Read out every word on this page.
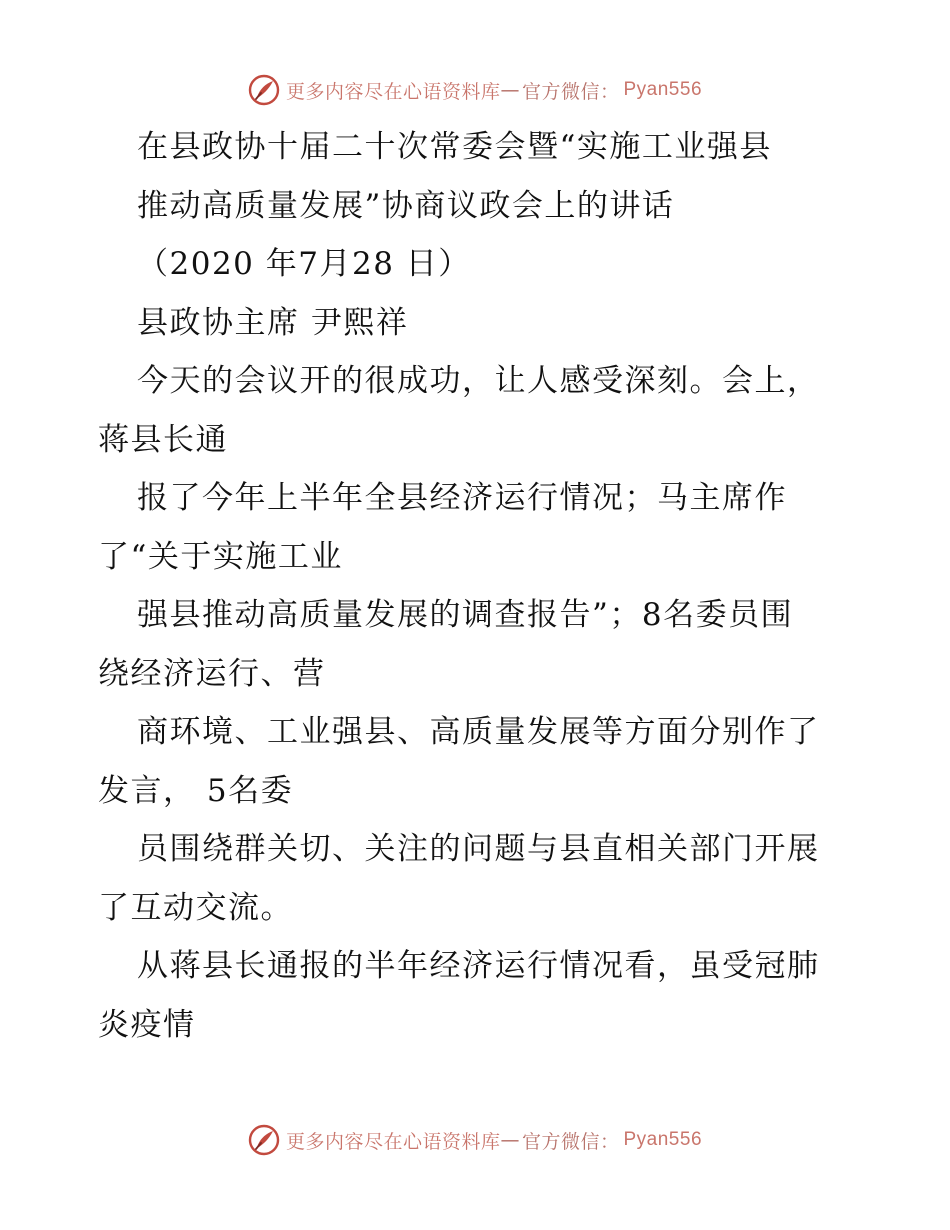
更多内容尽在心语资料库 — 官方微信： Pyan556
在县政协十届二十次常委会暨“实施工业强县
推动高质量发展”协商议政会上的讲话
（2020 年7月28 日）
县政协主席 尹熙祥
今天的会议开的很成功，让人感受深刻。会上，
蒋县长通
报了今年上半年全县经济运行情况；马主席作
了“关于实施工业
强县推动高质量发展的调查报告”；8名委员围
绕经济运行、营
商环境、工业强县、高质量发展等方面分别作了
发言， 5名委
员围绕群关切、关注的问题与县直相关部门开展
了互动交流。
从蒋县长通报的半年经济运行情况看，虽受冠肺
炎疫情
更多内容尽在心语资料库 — 官方微信： Pyan556
